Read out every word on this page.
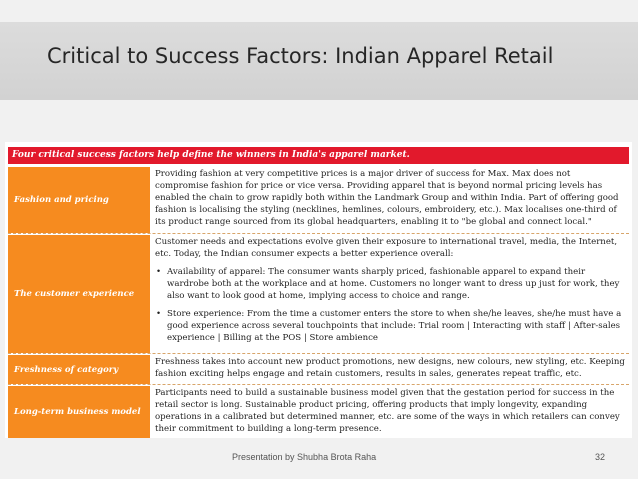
Critical to Success Factors: Indian Apparel Retail
Four critical success factors help define the winners in India's apparel market.
Fashion and pricing
Providing fashion at very competitive prices is a major driver of success for Max. Max does not compromise fashion for price or vice versa. Providing apparel that is beyond normal pricing levels has enabled the chain to grow rapidly both within the Landmark Group and within India. Part of offering good fashion is localising the styling (necklines, hemlines, colours, embroidery, etc.). Max localises one-third of its product range sourced from its global headquarters, enabling it to "be global and connect local."
The customer experience
Customer needs and expectations evolve given their exposure to international travel, media, the Internet, etc. Today, the Indian consumer expects a better experience overall:
• Availability of apparel: The consumer wants sharply priced, fashionable apparel to expand their wardrobe both at the workplace and at home. Customers no longer want to dress up just for work, they also want to look good at home, implying access to choice and range.
• Store experience: From the time a customer enters the store to when she/he leaves, she/he must have a good experience across several touchpoints that include: Trial room | Interacting with staff | After-sales experience | Billing at the POS | Store ambience
Freshness of category
Freshness takes into account new product promotions, new designs, new colours, new styling, etc. Keeping fashion exciting helps engage and retain customers, results in sales, generates repeat traffic, etc.
Long-term business model
Participants need to build a sustainable business model given that the gestation period for success in the retail sector is long. Sustainable product pricing, offering products that imply longevity, expanding operations in a calibrated but determined manner, etc. are some of the ways in which retailers can convey their commitment to building a long-term presence.
Presentation by Shubha Brota Raha	32
